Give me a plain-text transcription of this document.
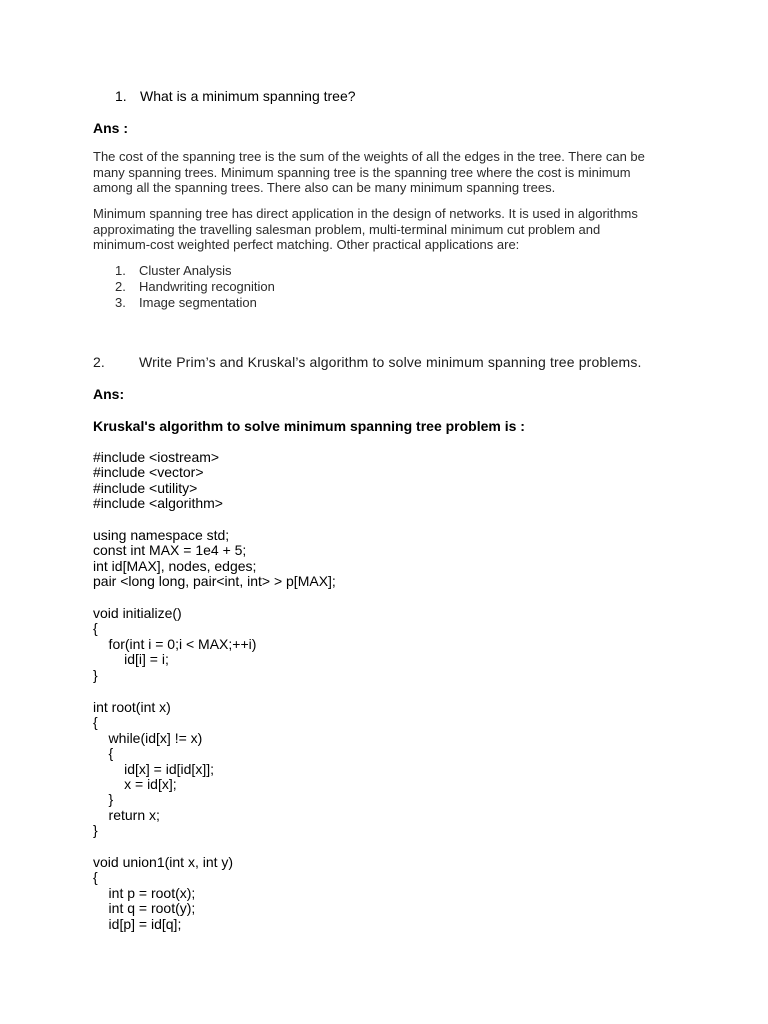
1. What is a minimum spanning tree?
Ans :
The cost of the spanning tree is the sum of the weights of all the edges in the tree. There can be
many spanning trees. Minimum spanning tree is the spanning tree where the cost is minimum
among all the spanning trees. There also can be many minimum spanning trees.
Minimum spanning tree has direct application in the design of networks. It is used in algorithms
approximating the travelling salesman problem, multi-terminal minimum cut problem and
minimum-cost weighted perfect matching. Other practical applications are:
1. Cluster Analysis
2. Handwriting recognition
3. Image segmentation
2. Write Prim’s and Kruskal’s algorithm to solve minimum spanning tree problems.
Ans:
Kruskal's algorithm to solve minimum spanning tree problem is :
#include <iostream>
#include <vector>
#include <utility>
#include <algorithm>
using namespace std;
const int MAX = 1e4 + 5;
int id[MAX], nodes, edges;
pair <long long, pair<int, int> > p[MAX];
void initialize()
{
for(int i = 0;i < MAX;++i)
id[i] = i;
}
int root(int x)
{
while(id[x] != x)
{
id[x] = id[id[x]];
x = id[x];
}
return x;
}
void union1(int x, int y)
{
int p = root(x);
int q = root(y);
id[p] = id[q];
